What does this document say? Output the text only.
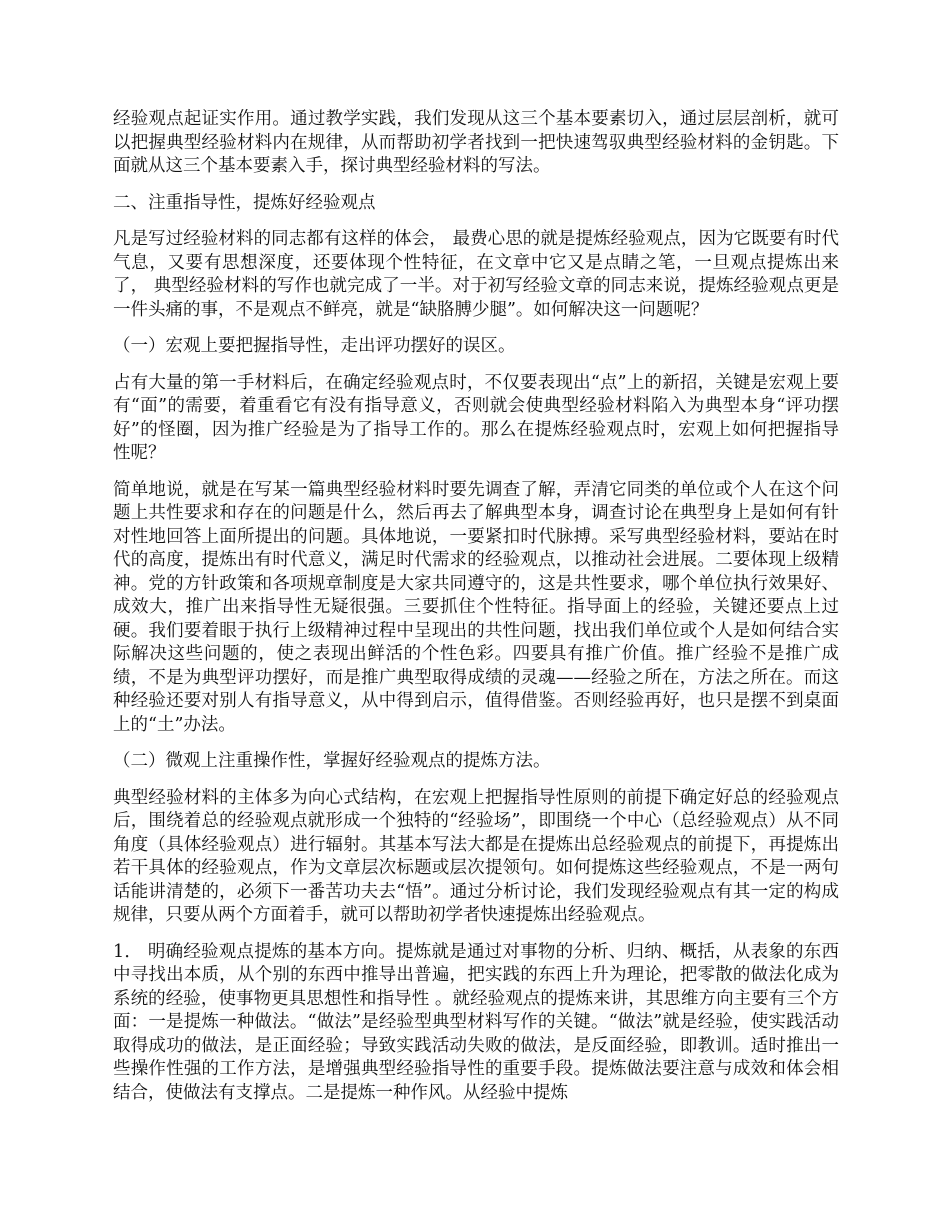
经验观点起证实作用。通过教学实践，我们发现从这三个基本要素切入，通过层层剖析，就可以把握典型经验材料内在规律，从而帮助初学者找到一把快速驾驭典型经验材料的金钥匙。下面就从这三个基本要素入手，探讨典型经验材料的写法。

二、注重指导性，提炼好经验观点

凡是写过经验材料的同志都有这样的体会， 最费心思的就是提炼经验观点，因为它既要有时代气息，又要有思想深度，还要体现个性特征，在文章中它又是点睛之笔，一旦观点提炼出来了， 典型经验材料的写作也就完成了一半。对于初写经验文章的同志来说，提炼经验观点更是一件头痛的事，不是观点不鲜亮，就是“缺胳膊少腿”。如何解决这一问题呢？

（一）宏观上要把握指导性，走出评功摆好的误区。

占有大量的第一手材料后，在确定经验观点时，不仅要表现出“点”上的新招，关键是宏观上要有“面”的需要，着重看它有没有指导意义，否则就会使典型经验材料陷入为典型本身“评功摆好”的怪圈，因为推广经验是为了指导工作的。那么在提炼经验观点时，宏观上如何把握指导性呢？

简单地说，就是在写某一篇典型经验材料时要先调查了解，弄清它同类的单位或个人在这个问题上共性要求和存在的问题是什么，然后再去了解典型本身，调查讨论在典型身上是如何有针对性地回答上面所提出的问题。具体地说，一要紧扣时代脉搏。采写典型经验材料，要站在时代的高度，提炼出有时代意义，满足时代需求的经验观点，以推动社会进展。二要体现上级精神。党的方针政策和各项规章制度是大家共同遵守的，这是共性要求，哪个单位执行效果好、成效大，推广出来指导性无疑很强。三要抓住个性特征。指导面上的经验，关键还要点上过硬。我们要着眼于执行上级精神过程中呈现出的共性问题，找出我们单位或个人是如何结合实际解决这些问题的，使之表现出鲜活的个性色彩。四要具有推广价值。推广经验不是推广成绩，不是为典型评功摆好，而是推广典型取得成绩的灵魂——经验之所在，方法之所在。而这种经验还要对别人有指导意义，从中得到启示，值得借鉴。否则经验再好，也只是摆不到桌面上的“土”办法。

（二）微观上注重操作性，掌握好经验观点的提炼方法。

典型经验材料的主体多为向心式结构，在宏观上把握指导性原则的前提下确定好总的经验观点后，围绕着总的经验观点就形成一个独特的“经验场”，即围绕一个中心（总经验观点）从不同角度（具体经验观点）进行辐射。其基本写法大都是在提炼出总经验观点的前提下，再提炼出若干具体的经验观点，作为文章层次标题或层次提领句。如何提炼这些经验观点，不是一两句话能讲清楚的，必须下一番苦功夫去“悟”。通过分析讨论，我们发现经验观点有其一定的构成规律，只要从两个方面着手，就可以帮助初学者快速提炼出经验观点。

1． 明确经验观点提炼的基本方向。提炼就是通过对事物的分析、归纳、概括，从表象的东西中寻找出本质，从个别的东西中推导出普遍，把实践的东西上升为理论，把零散的做法化成为系统的经验，使事物更具思想性和指导性 。就经验观点的提炼来讲，其思维方向主要有三个方面：一是提炼一种做法。“做法”是经验型典型材料写作的关键。“做法”就是经验，使实践活动取得成功的做法，是正面经验；导致实践活动失败的做法，是反面经验，即教训。适时推出一些操作性强的工作方法，是增强典型经验指导性的重要手段。提炼做法要注意与成效和体会相结合，使做法有支撑点。二是提炼一种作风。从经验中提炼
